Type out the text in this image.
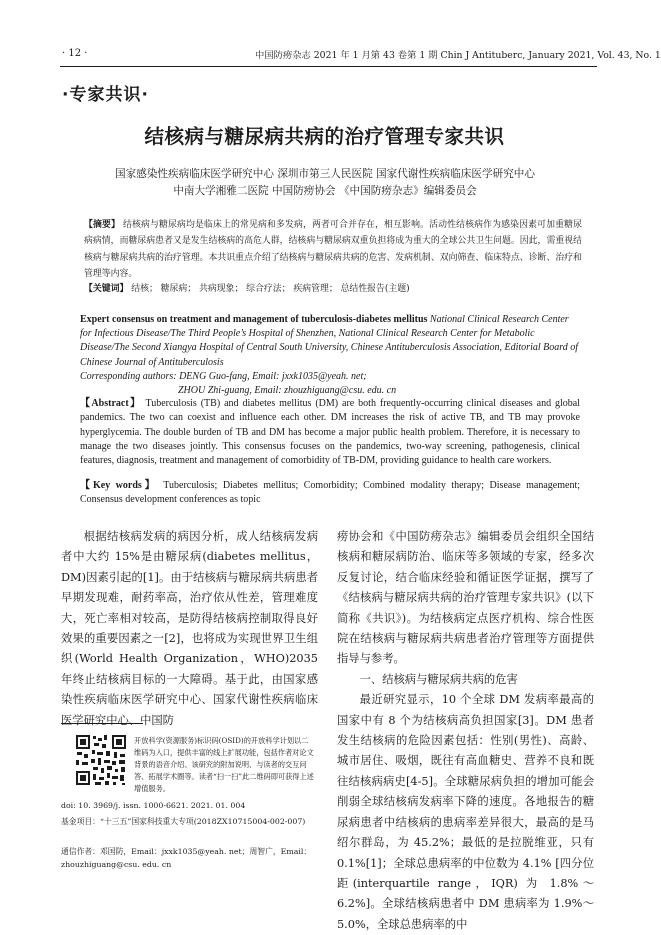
· 12 ·	中国防痨杂志 2021 年 1 月第 43 卷第 1 期 Chin J Antituberc, January 2021, Vol. 43, No. 1
·专家共识·
结核病与糖尿病共病的治疗管理专家共识
国家感染性疾病临床医学研究中心 深圳市第三人民医院 国家代谢性疾病临床医学研究中心
中南大学湘雅二医院 中国防痨协会 《中国防痨杂志》编辑委员会
【摘要】 结核病与糖尿病均是临床上的常见病和多发病，两者可合并存在，相互影响。活动性结核病作为感染因素可加重糖尿病病情，而糖尿病患者又是发生结核病的高危人群，结核病与糖尿病双重负担将成为重大的全球公共卫生问题。因此，需重视结核病与糖尿病共病的治疗管理。本共识重点介绍了结核病与糖尿病共病的危害、发病机制、双向筛查、临床特点、诊断、治疗和管理等内容。
【关键词】 结核； 糖尿病； 共病现象； 综合疗法； 疾病管理； 总结性报告(主题)
Expert consensus on treatment and management of tuberculosis-diabetes mellitus National Clinical Research Center for Infectious Disease/The Third People’s Hospital of Shenzhen, National Clinical Research Center for Metabolic Disease/The Second Xiangya Hospital of Central South University, Chinese Antituberculosis Association, Editorial Board of Chinese Journal of Antituberculosis
Corresponding authors: DENG Guo-fang, Email: jxxk1035@yeah. net;
ZHOU Zhi-guang, Email: zhouzhiguang@csu. edu. cn
【Abstract】 Tuberculosis (TB) and diabetes mellitus (DM) are both frequently-occurring clinical diseases and global pandemics. The two can coexist and influence each other. DM increases the risk of active TB, and TB may provoke hyperglycemia. The double burden of TB and DM has become a major public health problem. Therefore, it is necessary to manage the two diseases jointly. This consensus focuses on the pandemics, two-way screening, pathogenesis, clinical features, diagnosis, treatment and management of comorbidity of TB-DM, providing guidance to health care workers.
【Key words】 Tuberculosis; Diabetes mellitus; Comorbidity; Combined modality therapy; Disease management; Consensus development conferences as topic

根据结核病发病的病因分析，成人结核病发病者中大约 15%是由糖尿病(diabetes mellitus，DM)因素引起的[1]。由于结核病与糖尿病共病患者早期发现难，耐药率高，治疗依从性差，管理难度大，死亡率相对较高，是防得结核病控制取得良好效果的重要因素之一[2]，也将成为实现世界卫生组织(World Health Organization，WHO)2035 年终止结核病目标的一大障碍。基于此，由国家感染性疾病临床医学研究中心、国家代谢性疾病临床医学研究中心、中国防

痨协会和《中国防痨杂志》编辑委员会组织全国结核病和糖尿病防治、临床等多领域的专家，经多次反复讨论，结合临床经验和循证医学证据，撰写了《结核病与糖尿病共病的治疗管理专家共识》(以下简称《共识》)。为结核病定点医疗机构、综合性医院在结核病与糖尿病共病患者治疗管理等方面提供指导与参考。

一、结核病与糖尿病共病的危害

最近研究显示，10 个全球 DM 发病率最高的国家中有 8 个为结核病高负担国家[3]。DM 患者发生结核病的危险因素包括：性别(男性)、高龄、城市居住、吸烟，既往有高血糖史、营养不良和既往结核病病史[4-5]。全球糖尿病负担的增加可能会削弱全球结核病发病率下降的速度。各地报告的糖尿病患者中结核病的患病率差异很大，最高的是马绍尔群岛，为 45.2%；最低的是拉脱维亚，只有 0.1%[1]；全球总患病率的中位数为 4.1% [四分位距(interquartile range，IQR) 为 1.8%～6.2%]。全球结核病患者中 DM 患病率为 1.9%～5.0%，全球总患病率的中

开放科学(资源服务)标识码(OSID)的开放科学计划以二维码为入口，提供丰富的线上扩展功能，包括作者对论文背景的语音介绍、该研究的附加说明、与读者的交互问答、拓展学术圈等。读者“扫一扫”此二维码即可获得上述增值服务。
doi: 10. 3969/j. issn. 1000-6621. 2021. 01. 004
基金项目：“十三五”国家科技重大专项(2018ZX10715004-002-007)
通信作者：邓国防，Email：jxxk1035@yeah. net；周智广，Email：zhouzhiguang@csu. edu. cn
